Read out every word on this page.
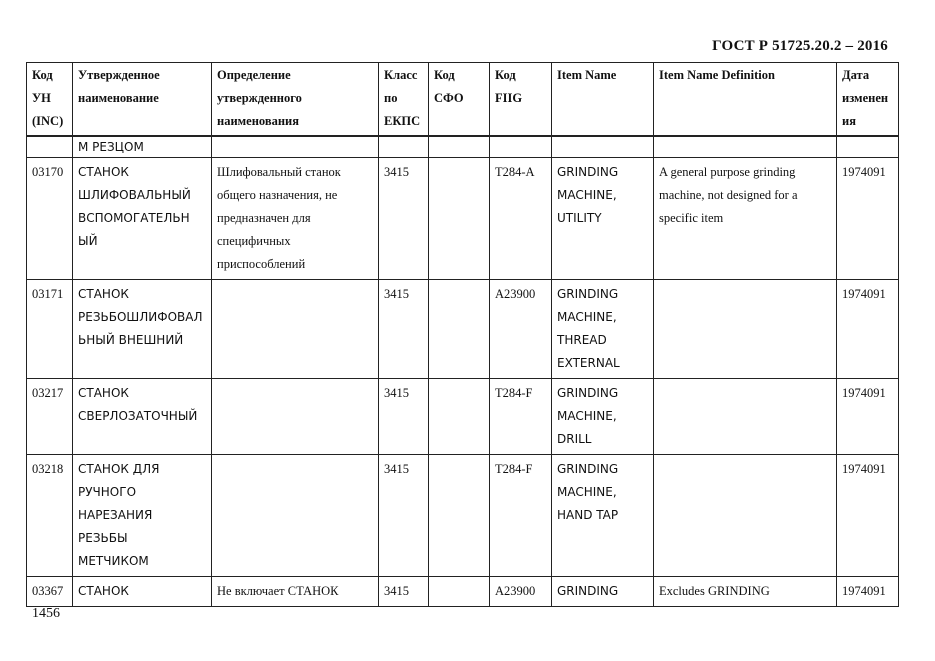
ГОСТ Р 51725.20.2 – 2016
Код
УН
(INC)	Утвержденное
наименование	Определение
утвержденного
наименования	Класс
по
ЕКПС	Код
СФО	Код
FIIG	Item Name	Item Name Definition	Дата
изменен
ия

	М РЕЗЦОМ							
03170	СТАНОК
ШЛИФОВАЛЬНЫЙ
ВСПОМОГАТЕЛЬН
ЫЙ	Шлифовальный станок
общего назначения, не
предназначен для
специфичных
приспособлений	3415		T284-A	GRINDING
MACHINE,
UTILITY	A general purpose grinding
machine, not designed for a
specific item	1974091
03171	СТАНОК
РЕЗЬБОШЛИФОВАЛ
ЬНЫЙ ВНЕШНИЙ		3415		A23900	GRINDING
MACHINE,
THREAD
EXTERNAL		1974091
03217	СТАНОК
СВЕРЛОЗАТОЧНЫЙ		3415		T284-F	GRINDING
MACHINE,
DRILL		1974091
03218	СТАНОК ДЛЯ
РУЧНОГО
НАРЕЗАНИЯ
РЕЗЬБЫ
МЕТЧИКОМ		3415		T284-F	GRINDING
MACHINE,
HAND TAP		1974091
03367	СТАНОК	Не включает СТАНОК	3415		A23900	GRINDING	Excludes GRINDING	1974091
1456
